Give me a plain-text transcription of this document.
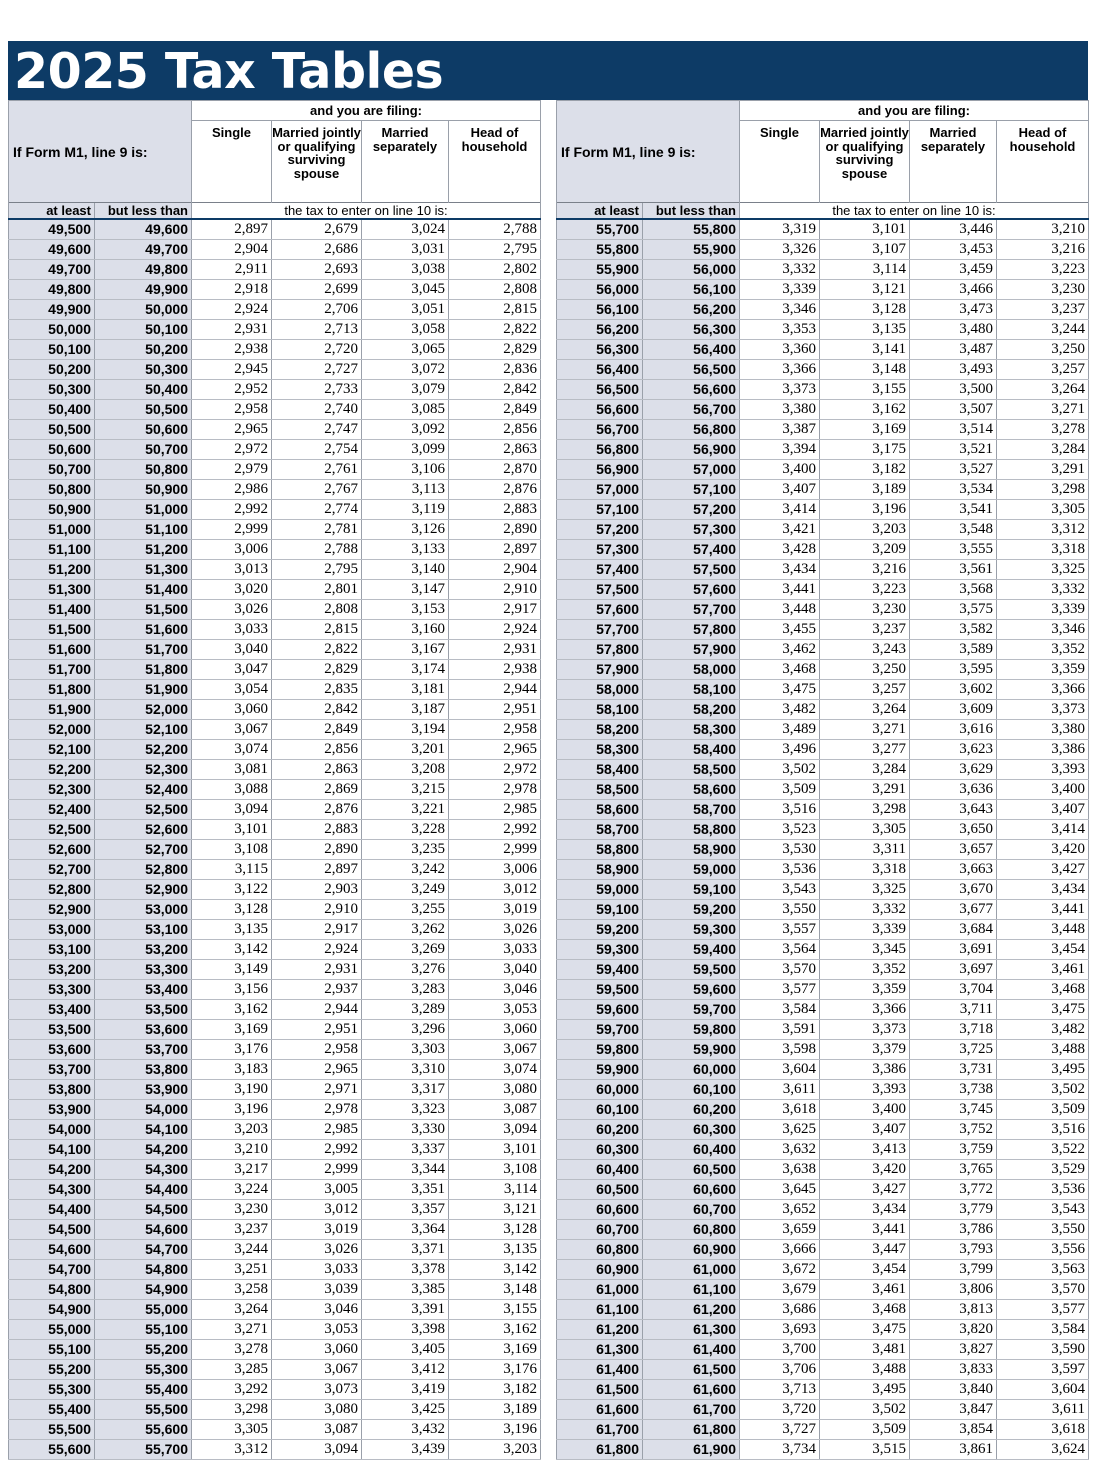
2025 Tax Tables
If Form M1, line 9 is:		and you are filing:			
		Single	Married jointly or qualifying surviving spouse	Married separately	Head of household
at least	but less than	the tax to enter on line 10 is:			
49,500	49,600	2,897	2,679	3,024	2,788
49,600	49,700	2,904	2,686	3,031	2,795
49,700	49,800	2,911	2,693	3,038	2,802
49,800	49,900	2,918	2,699	3,045	2,808
49,900	50,000	2,924	2,706	3,051	2,815
50,000	50,100	2,931	2,713	3,058	2,822
50,100	50,200	2,938	2,720	3,065	2,829
50,200	50,300	2,945	2,727	3,072	2,836
50,300	50,400	2,952	2,733	3,079	2,842
50,400	50,500	2,958	2,740	3,085	2,849
50,500	50,600	2,965	2,747	3,092	2,856
50,600	50,700	2,972	2,754	3,099	2,863
50,700	50,800	2,979	2,761	3,106	2,870
50,800	50,900	2,986	2,767	3,113	2,876
50,900	51,000	2,992	2,774	3,119	2,883
51,000	51,100	2,999	2,781	3,126	2,890
51,100	51,200	3,006	2,788	3,133	2,897
51,200	51,300	3,013	2,795	3,140	2,904
51,300	51,400	3,020	2,801	3,147	2,910
51,400	51,500	3,026	2,808	3,153	2,917
51,500	51,600	3,033	2,815	3,160	2,924
51,600	51,700	3,040	2,822	3,167	2,931
51,700	51,800	3,047	2,829	3,174	2,938
51,800	51,900	3,054	2,835	3,181	2,944
51,900	52,000	3,060	2,842	3,187	2,951
52,000	52,100	3,067	2,849	3,194	2,958
52,100	52,200	3,074	2,856	3,201	2,965
52,200	52,300	3,081	2,863	3,208	2,972
52,300	52,400	3,088	2,869	3,215	2,978
52,400	52,500	3,094	2,876	3,221	2,985
52,500	52,600	3,101	2,883	3,228	2,992
52,600	52,700	3,108	2,890	3,235	2,999
52,700	52,800	3,115	2,897	3,242	3,006
52,800	52,900	3,122	2,903	3,249	3,012
52,900	53,000	3,128	2,910	3,255	3,019
53,000	53,100	3,135	2,917	3,262	3,026
53,100	53,200	3,142	2,924	3,269	3,033
53,200	53,300	3,149	2,931	3,276	3,040
53,300	53,400	3,156	2,937	3,283	3,046
53,400	53,500	3,162	2,944	3,289	3,053
53,500	53,600	3,169	2,951	3,296	3,060
53,600	53,700	3,176	2,958	3,303	3,067
53,700	53,800	3,183	2,965	3,310	3,074
53,800	53,900	3,190	2,971	3,317	3,080
53,900	54,000	3,196	2,978	3,323	3,087
54,000	54,100	3,203	2,985	3,330	3,094
54,100	54,200	3,210	2,992	3,337	3,101
54,200	54,300	3,217	2,999	3,344	3,108
54,300	54,400	3,224	3,005	3,351	3,114
54,400	54,500	3,230	3,012	3,357	3,121
54,500	54,600	3,237	3,019	3,364	3,128
54,600	54,700	3,244	3,026	3,371	3,135
54,700	54,800	3,251	3,033	3,378	3,142
54,800	54,900	3,258	3,039	3,385	3,148
54,900	55,000	3,264	3,046	3,391	3,155
55,000	55,100	3,271	3,053	3,398	3,162
55,100	55,200	3,278	3,060	3,405	3,169
55,200	55,300	3,285	3,067	3,412	3,176
55,300	55,400	3,292	3,073	3,419	3,182
55,400	55,500	3,298	3,080	3,425	3,189
55,500	55,600	3,305	3,087	3,432	3,196
55,600	55,700	3,312	3,094	3,439	3,203
If Form M1, line 9 is:		and you are filing:			
		Single	Married jointly or qualifying surviving spouse	Married separately	Head of household
at least	but less than	the tax to enter on line 10 is:			
55,700	55,800	3,319	3,101	3,446	3,210
55,800	55,900	3,326	3,107	3,453	3,216
55,900	56,000	3,332	3,114	3,459	3,223
56,000	56,100	3,339	3,121	3,466	3,230
56,100	56,200	3,346	3,128	3,473	3,237
56,200	56,300	3,353	3,135	3,480	3,244
56,300	56,400	3,360	3,141	3,487	3,250
56,400	56,500	3,366	3,148	3,493	3,257
56,500	56,600	3,373	3,155	3,500	3,264
56,600	56,700	3,380	3,162	3,507	3,271
56,700	56,800	3,387	3,169	3,514	3,278
56,800	56,900	3,394	3,175	3,521	3,284
56,900	57,000	3,400	3,182	3,527	3,291
57,000	57,100	3,407	3,189	3,534	3,298
57,100	57,200	3,414	3,196	3,541	3,305
57,200	57,300	3,421	3,203	3,548	3,312
57,300	57,400	3,428	3,209	3,555	3,318
57,400	57,500	3,434	3,216	3,561	3,325
57,500	57,600	3,441	3,223	3,568	3,332
57,600	57,700	3,448	3,230	3,575	3,339
57,700	57,800	3,455	3,237	3,582	3,346
57,800	57,900	3,462	3,243	3,589	3,352
57,900	58,000	3,468	3,250	3,595	3,359
58,000	58,100	3,475	3,257	3,602	3,366
58,100	58,200	3,482	3,264	3,609	3,373
58,200	58,300	3,489	3,271	3,616	3,380
58,300	58,400	3,496	3,277	3,623	3,386
58,400	58,500	3,502	3,284	3,629	3,393
58,500	58,600	3,509	3,291	3,636	3,400
58,600	58,700	3,516	3,298	3,643	3,407
58,700	58,800	3,523	3,305	3,650	3,414
58,800	58,900	3,530	3,311	3,657	3,420
58,900	59,000	3,536	3,318	3,663	3,427
59,000	59,100	3,543	3,325	3,670	3,434
59,100	59,200	3,550	3,332	3,677	3,441
59,200	59,300	3,557	3,339	3,684	3,448
59,300	59,400	3,564	3,345	3,691	3,454
59,400	59,500	3,570	3,352	3,697	3,461
59,500	59,600	3,577	3,359	3,704	3,468
59,600	59,700	3,584	3,366	3,711	3,475
59,700	59,800	3,591	3,373	3,718	3,482
59,800	59,900	3,598	3,379	3,725	3,488
59,900	60,000	3,604	3,386	3,731	3,495
60,000	60,100	3,611	3,393	3,738	3,502
60,100	60,200	3,618	3,400	3,745	3,509
60,200	60,300	3,625	3,407	3,752	3,516
60,300	60,400	3,632	3,413	3,759	3,522
60,400	60,500	3,638	3,420	3,765	3,529
60,500	60,600	3,645	3,427	3,772	3,536
60,600	60,700	3,652	3,434	3,779	3,543
60,700	60,800	3,659	3,441	3,786	3,550
60,800	60,900	3,666	3,447	3,793	3,556
60,900	61,000	3,672	3,454	3,799	3,563
61,000	61,100	3,679	3,461	3,806	3,570
61,100	61,200	3,686	3,468	3,813	3,577
61,200	61,300	3,693	3,475	3,820	3,584
61,300	61,400	3,700	3,481	3,827	3,590
61,400	61,500	3,706	3,488	3,833	3,597
61,500	61,600	3,713	3,495	3,840	3,604
61,600	61,700	3,720	3,502	3,847	3,611
61,700	61,800	3,727	3,509	3,854	3,618
61,800	61,900	3,734	3,515	3,861	3,624
